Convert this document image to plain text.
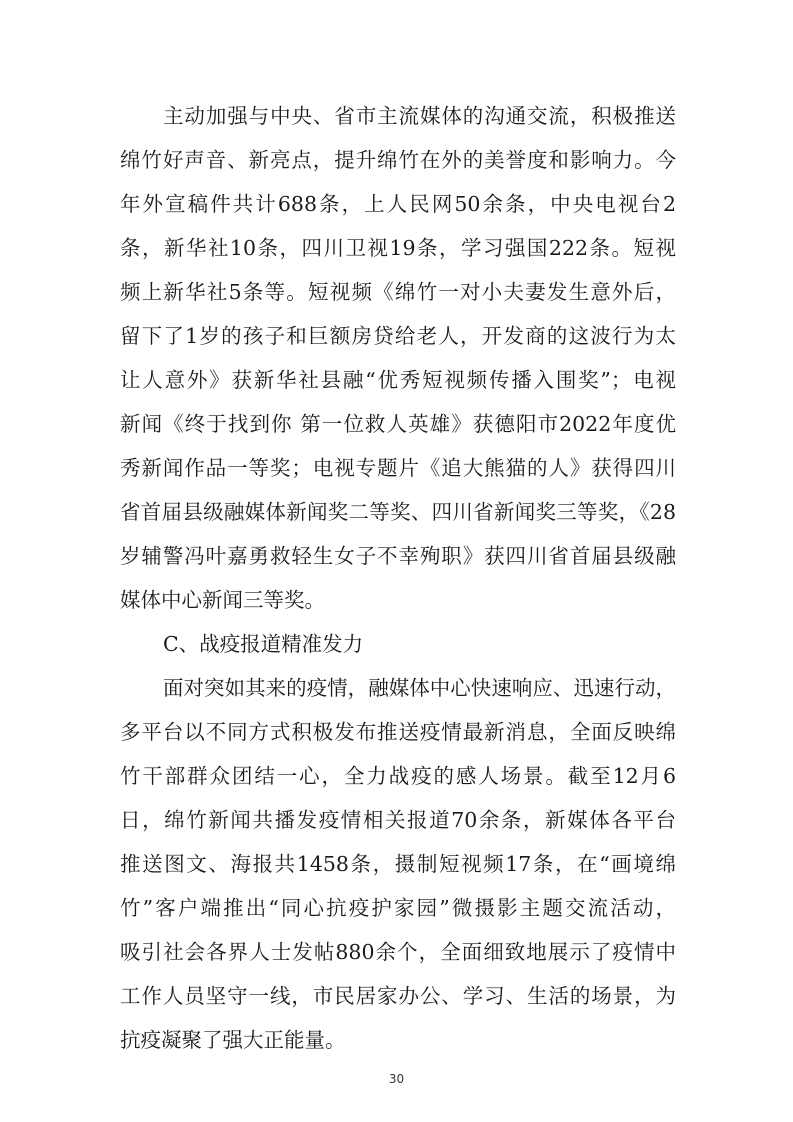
主动加强与中央、省市主流媒体的沟通交流，积极推送
绵竹好声音、新亮点，提升绵竹在外的美誉度和影响力。今
年外宣稿件共计688条，上人民网50余条，中央电视台2
条，新华社10条，四川卫视19条，学习强国222条。短视
频上新华社5条等。短视频《绵竹一对小夫妻发生意外后，
留下了1岁的孩子和巨额房贷给老人，开发商的这波行为太
让人意外》获新华社县融“优秀短视频传播入围奖”；电视
新闻《终于找到你 第一位救人英雄》获德阳市2022年度优
秀新闻作品一等奖；电视专题片《追大熊猫的人》获得四川
省首届县级融媒体新闻奖二等奖、四川省新闻奖三等奖，《28
岁辅警冯叶嘉勇救轻生女子不幸殉职》获四川省首届县级融
媒体中心新闻三等奖。
C、战疫报道精准发力
面对突如其来的疫情，融媒体中心快速响应、迅速行动，
多平台以不同方式积极发布推送疫情最新消息，全面反映绵
竹干部群众团结一心，全力战疫的感人场景。截至12月6
日，绵竹新闻共播发疫情相关报道70余条，新媒体各平台
推送图文、海报共1458条，摄制短视频17条，在“画境绵
竹”客户端推出“同心抗疫护家园”微摄影主题交流活动，
吸引社会各界人士发帖880余个，全面细致地展示了疫情中
工作人员坚守一线，市民居家办公、学习、生活的场景，为
抗疫凝聚了强大正能量。
30
